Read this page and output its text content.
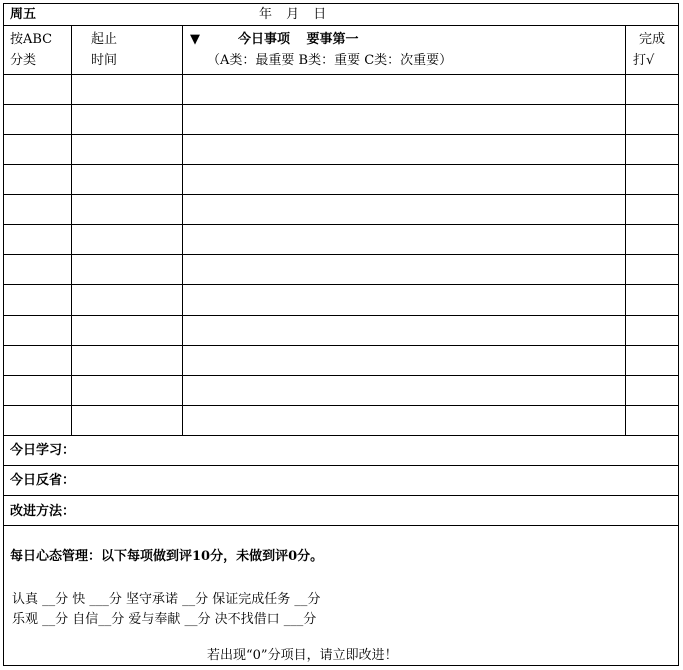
周五	年 月 日
按ABC
分类
起止
时间
▼	今日事项 要事第一
（A类：最重要 B类：重要 C类：次重要）
完成
打√
今日学习：
今日反省：
改进方法：
每日心态管理：以下每项做到评10分，未做到评0分。
认真 __分 快 ___分 坚守承诺 __分 保证完成任务 __分
乐观 __分 自信__分 爱与奉献 __分 决不找借口 ___分
若出现“0”分项目，请立即改进！
